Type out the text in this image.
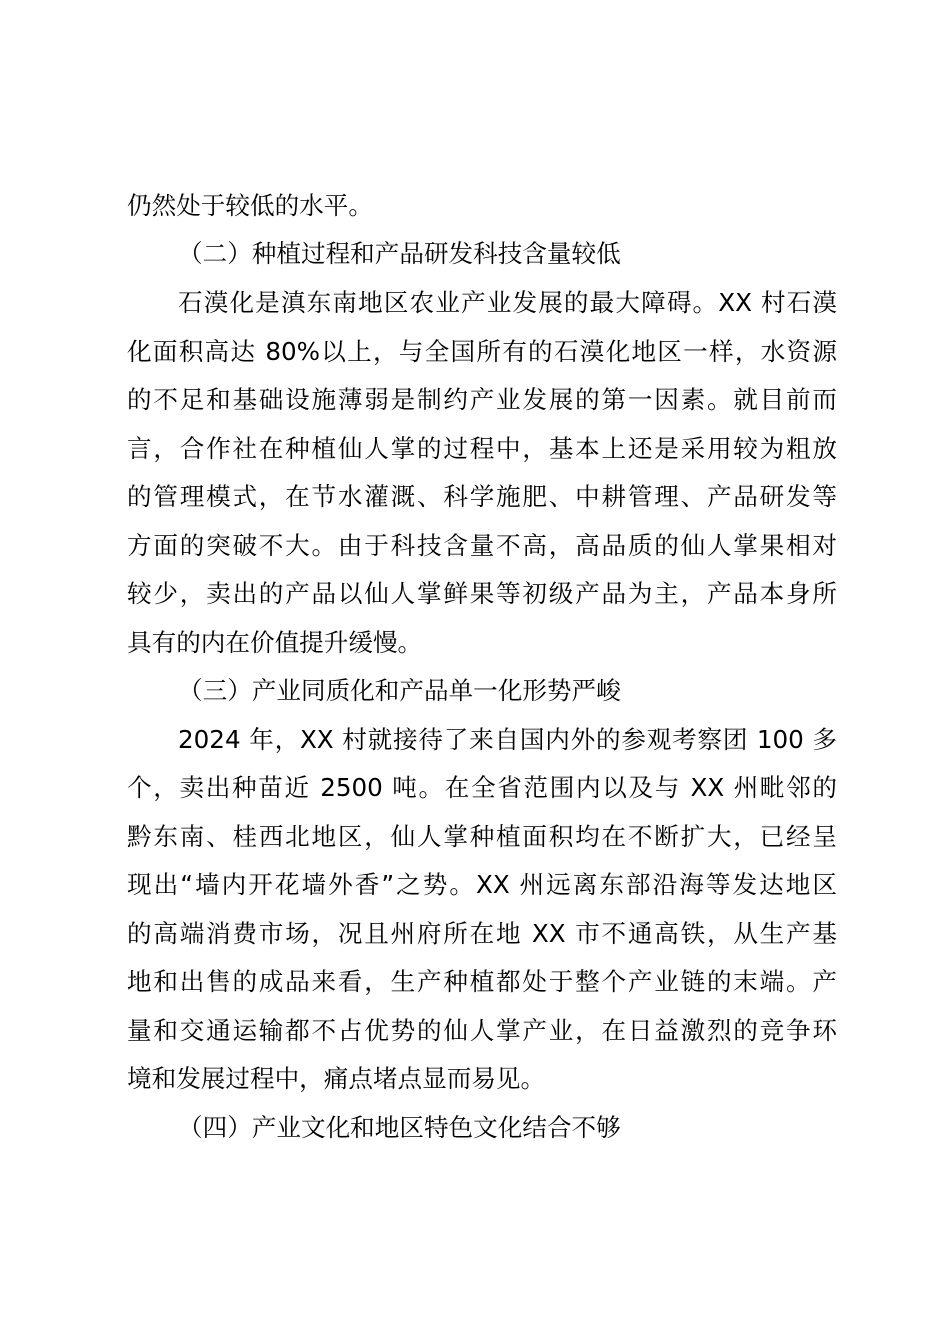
仍然处于较低的水平。
（二）种植过程和产品研发科技含量较低
石漠化是滇东南地区农业产业发展的最大障碍。XX 村石漠
化面积高达 80%以上，与全国所有的石漠化地区一样，水资源
的不足和基础设施薄弱是制约产业发展的第一因素。就目前而
言，合作社在种植仙人掌的过程中，基本上还是采用较为粗放
的管理模式，在节水灌溉、科学施肥、中耕管理、产品研发等
方面的突破不大。由于科技含量不高，高品质的仙人掌果相对
较少，卖出的产品以仙人掌鲜果等初级产品为主，产品本身所
具有的内在价值提升缓慢。
（三）产业同质化和产品单一化形势严峻
2024 年，XX 村就接待了来自国内外的参观考察团 100 多
个，卖出种苗近 2500 吨。在全省范围内以及与 XX 州毗邻的
黔东南、桂西北地区，仙人掌种植面积均在不断扩大，已经呈
现出“墙内开花墙外香”之势。XX 州远离东部沿海等发达地区
的高端消费市场，况且州府所在地 XX 市不通高铁，从生产基
地和出售的成品来看，生产种植都处于整个产业链的末端。产
量和交通运输都不占优势的仙人掌产业，在日益激烈的竞争环
境和发展过程中，痛点堵点显而易见。
（四）产业文化和地区特色文化结合不够
